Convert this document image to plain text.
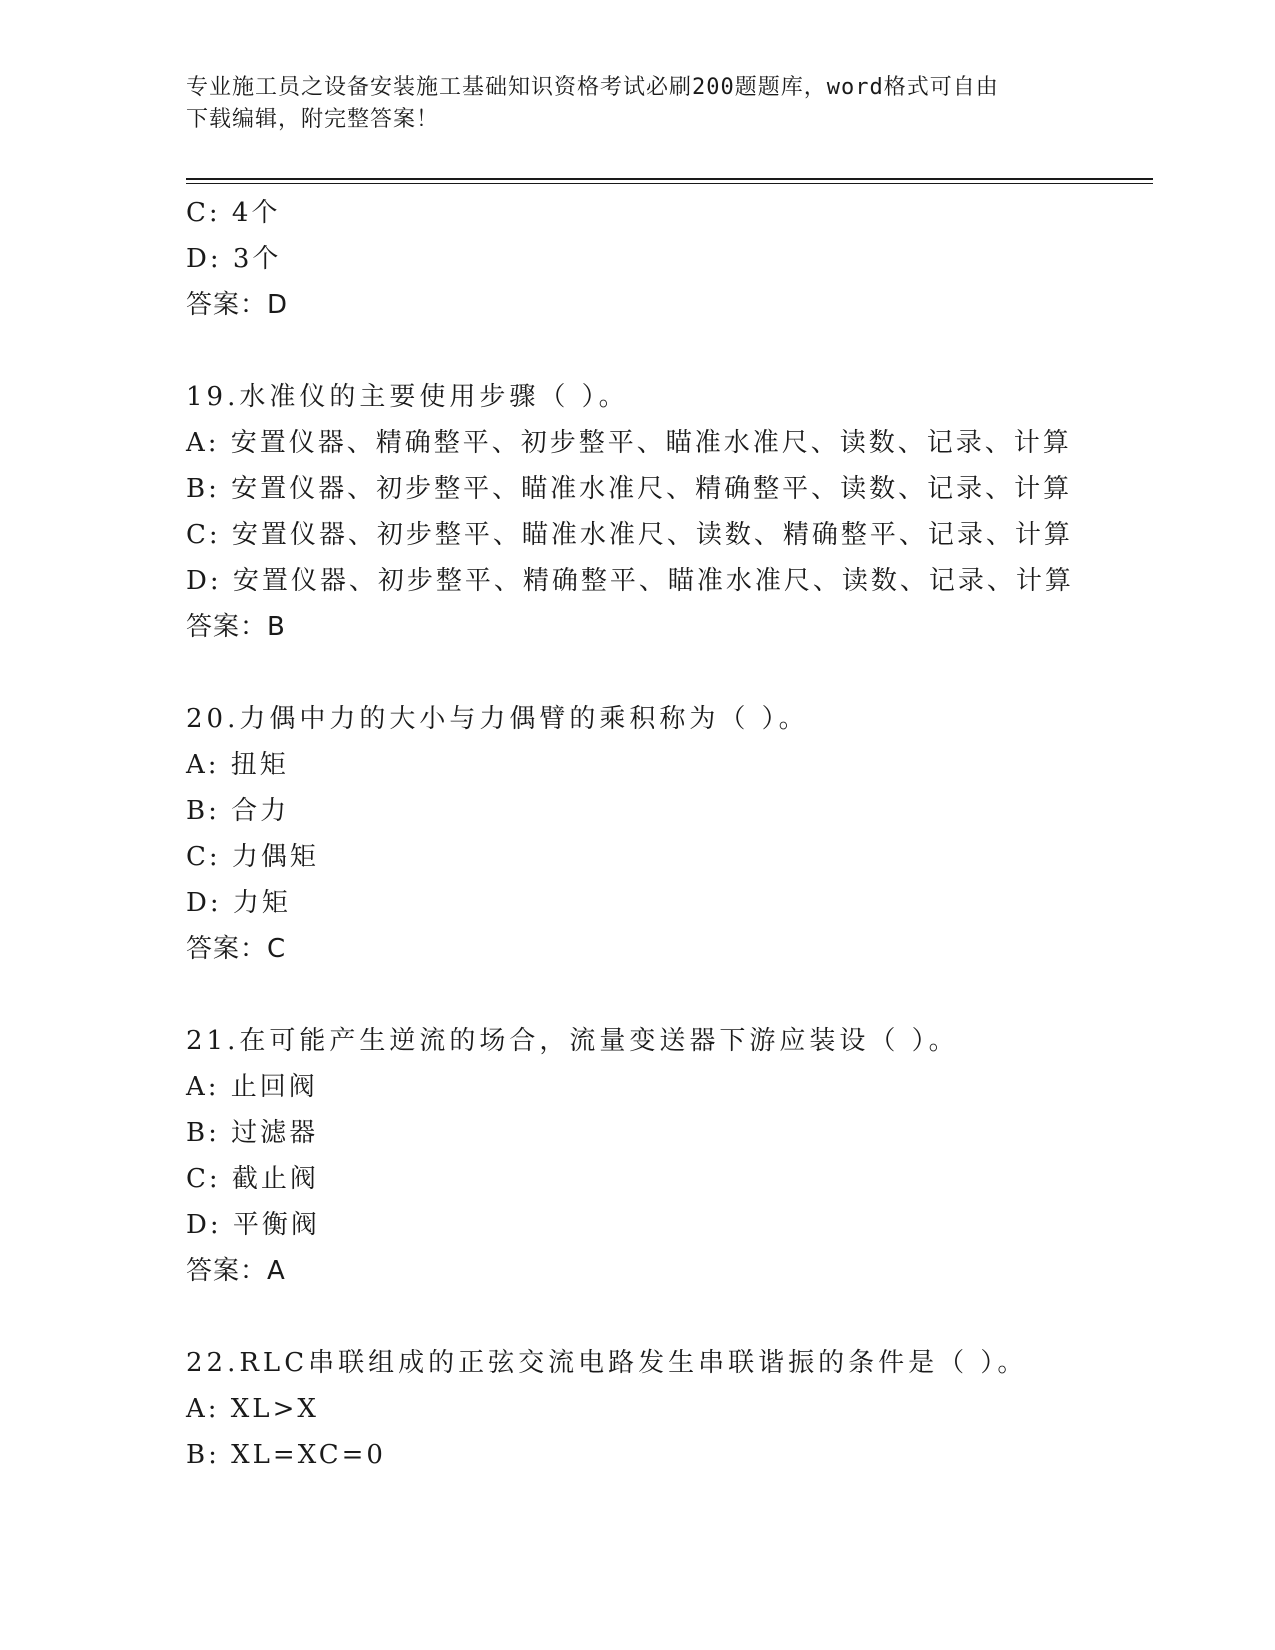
专业施工员之设备安装施工基础知识资格考试必刷200题题库，word格式可自由
下载编辑，附完整答案！
C: 4个
D: 3个
答案：D
19.水准仪的主要使用步骤（ ）。
A: 安置仪器、精确整平、初步整平、瞄准水准尺、读数、记录、计算
B: 安置仪器、初步整平、瞄准水准尺、精确整平、读数、记录、计算
C: 安置仪器、初步整平、瞄准水准尺、读数、精确整平、记录、计算
D: 安置仪器、初步整平、精确整平、瞄准水准尺、读数、记录、计算
答案：B
20.力偶中力的大小与力偶臂的乘积称为（ ）。
A: 扭矩
B: 合力
C: 力偶矩
D: 力矩
答案：C
21.在可能产生逆流的场合，流量变送器下游应装设（ ）。
A: 止回阀
B: 过滤器
C: 截止阀
D: 平衡阀
答案：A
22.RLC串联组成的正弦交流电路发生串联谐振的条件是（ ）。
A: XL>X
B: XL=XC=0
